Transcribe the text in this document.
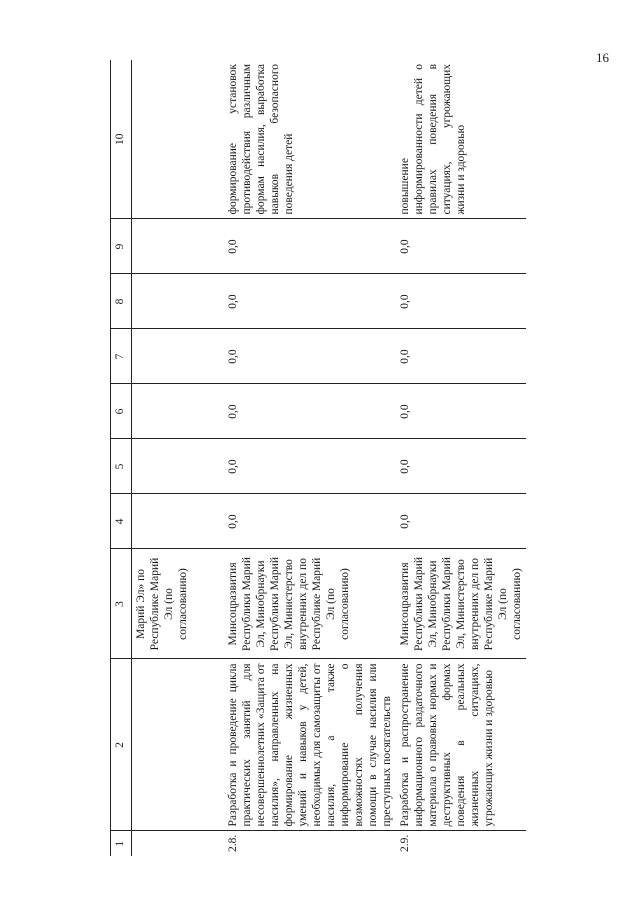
16
1	2	3	4	5	6	7	8	9	10
		Марий Эл» по Республике Марий Эл (по согласованию)							
2.8.	Разработка и проведение цикла практических занятий для несовершеннолетних «Защита от насилия», направленных на формирование жизненных умений и навыков у детей, необходимых для самозащиты от насилия, а также информирование о возможностях получения помощи в случае насилия или преступных посягательств	Минсоцразвития Республики Марий Эл, Минобрнауки Республики Марий Эл, Министерство внутренних дел по Республике Марий Эл (по согласованию)	0,0	0,0	0,0	0,0	0,0	0,0	формирование установок противодействия различным формам насилия, выработка навыков безопасного поведения детей
2.9.	Разработка и распространение информационного раздаточного материала о правовых нормах и деструктивных формах поведения в реальных жизненных ситуациях, угрожающих жизни и здоровью	Минсоцразвития Республики Марий Эл, Минобрнауки Республики Марий Эл, Министерство внутренних дел по Республике Марий Эл (по согласованию)	0,0	0,0	0,0	0,0	0,0	0,0	повышение информированности детей о правилах поведения в ситуациях, угрожающих жизни и здоровью
